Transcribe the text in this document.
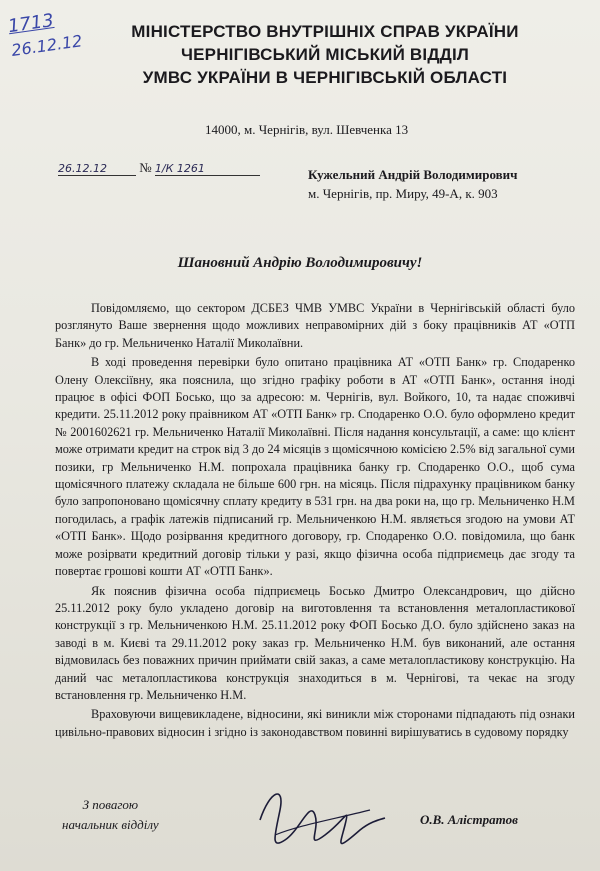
1713
26.12.12	МІНІСТЕРСТВО ВНУТРІШНІХ СПРАВ УКРАЇНИ
ЧЕРНІГІВСЬКИЙ МІСЬКИЙ ВІДДІЛ
УМВС УКРАЇНИ В ЧЕРНІГІВСЬКІЙ ОБЛАСТІ
14000, м. Чернігів, вул. Шевченка 13
26.12.12 № 1/К 1261	Кужельний Андрій Володимирович
м. Чернігів, пр. Миру, 49-А, к. 903
Шановний Андрію Володимировичу!

Повідомляємо, що сектором ДСБЕЗ ЧМВ УМВС України в Чернігівській області було розглянуто Ваше звернення щодо можливих неправомірних дій з боку працівників АТ «ОТП Банк» до гр. Мельниченко Наталії Миколаївни.

В ході проведення перевірки було опитано працівника АТ «ОТП Банк» гр. Сподаренко Олену Олексіївну, яка пояснила, що згідно графіку роботи в АТ «ОТП Банк», остання іноді працює в офісі ФОП Босько, що за адресою: м. Чернігів, вул. Войкого, 10, та надає споживчі кредити. 25.11.2012 року праівником АТ «ОТП Банк» гр. Сподаренко О.О. було оформлено кредит № 2001602621 гр. Мельниченко Наталії Миколаївні. Після надання консультації, а саме: що клієнт може отримати кредит на строк від 3 до 24 місяців з щомісячною комісією 2.5% від загальної суми позики, гр Мельниченко Н.М. попрохала працівника банку гр. Сподаренко О.О., щоб сума щомісячного платежу складала не більше 600 грн. на місяць. Після підрахунку працівником банку було запропоновано щомісячну сплату кредиту в 531 грн. на два роки на, що гр. Мельниченко Н.М погодилась, а графік латежів підписаний гр. Мельниченкою Н.М. являється згодою на умови АТ «ОТП Банк». Щодо розірвання кредитного договору, гр. Сподаренко О.О. повідомила, що банк може розірвати кредитний договір тільки у разі, якщо фізична особа підприємець дає згоду та повертає грошові кошти АТ «ОТП Банк».

Як пояснив фізична особа підприємець Босько Дмитро Олександрович, що дійсно 25.11.2012 року було укладено договір на виготовлення та встановлення металопластикової конструкції з гр. Мельниченкою Н.М. 25.11.2012 року ФОП Босько Д.О. було здійснено заказ на заводі в м. Києві та 29.11.2012 року заказ гр. Мельниченко Н.М. був виконаний, але остання відмовилась без поважних причин приймати свій заказ, а саме металопластикову конструкцію. На даний час металопластикова конструкція знаходиться в м. Чернігові, та чекає на згоду встановлення гр. Мельниченко Н.М.

Враховуючи вищевикладене, відносини, які виникли між сторонами підпадають під ознаки цивільно-правових відносин і згідно із законодавством повинні вирішуватись в судовому порядку

З повагою
начальник відділу	О.В. Алістратов
